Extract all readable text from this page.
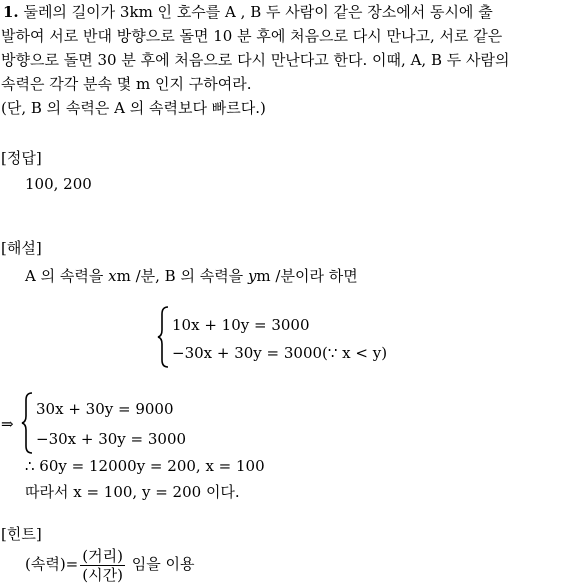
1. 둘레의 길이가 3km 인 호수를 A , B 두 사람이 같은 장소에서 동시에 출
발하여 서로 반대 방향으로 돌면 10 분 후에 처음으로 다시 만나고, 서로 같은
방향으로 돌면 30 분 후에 처음으로 다시 만난다고 한다. 이때, A, B 두 사람의
속력은 각각 분속 몇 m 인지 구하여라.
(단, B 의 속력은 A 의 속력보다 빠르다.)
[정답]
100, 200
[해설]
A 의 속력을 xm /분, B 의 속력을 ym /분이라 하면
10x + 10y = 3000
−30x + 30y = 3000 (∵ x < y)
⇒
30x + 30y = 9000
−30x + 30y = 3000
∴ 60y = 12000y = 200, x = 100
따라서 x = 100, y = 200 이다.
[힌트]
(속력)= $\frac{\text{(거리)}}{\text{(시간)}}$ 임을 이용
